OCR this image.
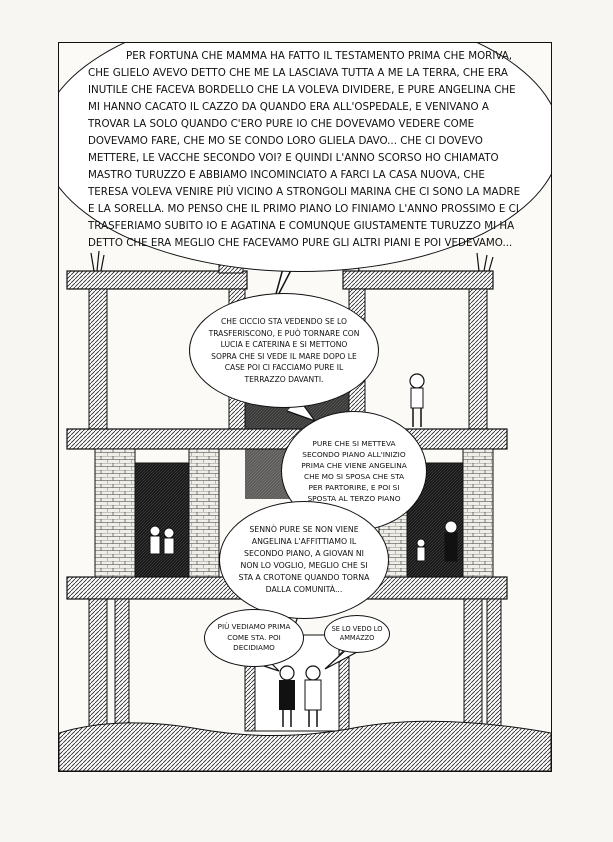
PER FORTUNA CHE MAMMA HA FATTO IL TESTAMENTO PRIMA CHE MORIVA, CHE GLIELO AVEVO DETTO CHE ME LA LASCIAVA TUTTA A ME LA TERRA, CHE ERA INUTILE CHE FACEVA BORDELLO CHE LA VOLEVA DIVIDERE, E PURE ANGELINA CHE MI HANNO CACATO IL CAZZO DA QUANDO ERA ALL'OSPEDALE, E VENIVANO A TROVAR LA SOLO QUANDO C'ERO PURE IO CHE DOVEVAMO VEDERE COME DOVEVAMO FARE, CHE MO SE CONDO LORO GLIELA DAVO... CHE CI DOVEVO METTERE, LE VACCHE SECONDO VOI? E QUINDI L'ANNO SCORSO HO CHIAMATO MASTRO TURUZZO E ABBIAMO INCOMINCIATO A FARCI LA CASA NUOVA, CHE TERESA VOLEVA VENIRE PIÙ VICINO A STRONGOLI MARINA CHE CI SONO LA MADRE E LA SORELLA. MO PENSO CHE IL PRIMO PIANO LO FINIAMO L'ANNO PROSSIMO E CI TRASFERIAMO SUBITO IO E AGATINA E COMUNQUE GIUSTAMENTE TURUZZO MI HA DETTO CHE ERA MEGLIO CHE FACEVAMO PURE GLI ALTRI PIANI E POI VEDEVAMO...

CHE CICCIO STA VEDENDO SE LO TRASFERISCONO, E PUÒ TORNARE CON LUCIA E CATERINA E SI METTONO SOPRA CHE SI VEDE IL MARE DOPO LE CASE POI CI FACCIAMO PURE IL TERRAZZO DAVANTI.

PURE CHE SI METTEVA SECONDO PIANO ALL'INIZIO PRIMA CHE VIENE ANGELINA CHE MO SI SPOSA CHE STA PER PARTORIRE, E POI SI SPOSTA AL TERZO PIANO

SENNÒ PURE SE NON VIENE ANGELINA L'AFFITTIAMO IL SECONDO PIANO, A GIOVAN NI NON LO VOGLIO, MEGLIO CHE SI STA A CROTONE QUANDO TORNA DALLA COMUNITÀ...

PIÙ VEDIAMO PRIMA COME STA. POI DECIDIAMO

SE LO VEDO LO AMMAZZO
